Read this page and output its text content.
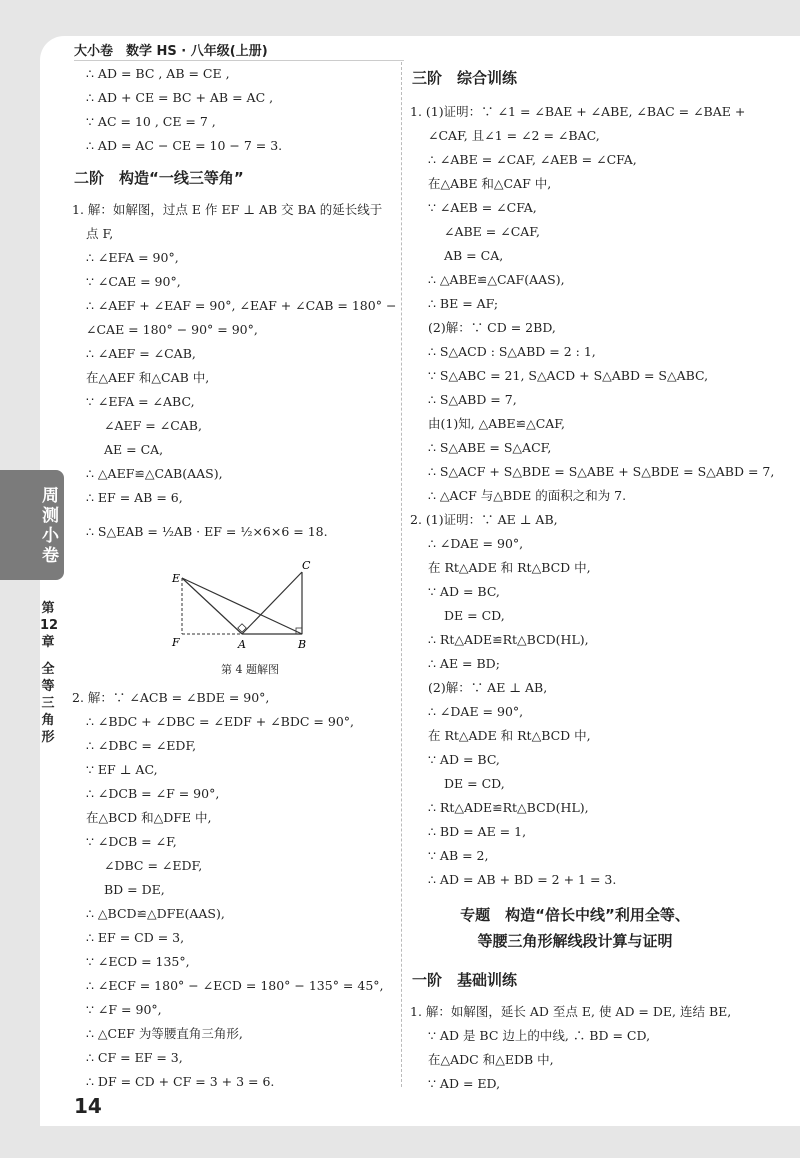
大小卷　数学 HS · 八年级(上册)
周
测
小
卷
第
12
章
全
等
三
角
形
∴ AD = BC , AB = CE ,
∴ AD + CE = BC + AB = AC ,
∵ AC = 10 , CE = 7 ,
∴ AD = AC − CE = 10 − 7 = 3.
二阶　构造“一线三等角”
1. 解：如解图，过点 E 作 EF ⊥ AB 交 BA 的延长线于
点 F,
∴ ∠EFA = 90°,
∵ ∠CAE = 90°,
∴ ∠AEF + ∠EAF = 90°, ∠EAF + ∠CAB = 180° −
∠CAE = 180° − 90° = 90°,
∴ ∠AEF = ∠CAB,
在△AEF 和△CAB 中,
∵ ∠EFA = ∠ABC,
∠AEF = ∠CAB,
AE = CA,
∴ △AEF≌△CAB(AAS),
∴ EF = AB = 6,
∴ S△EAB = ½AB · EF = ½×6×6 = 18.
2. 解：∵ ∠ACB = ∠BDE = 90°,
∴ ∠BDC + ∠DBC = ∠EDF + ∠BDC = 90°,
∴ ∠DBC = ∠EDF,
∵ EF ⊥ AC,
∴ ∠DCB = ∠F = 90°,
在△BCD 和△DFE 中,
∵ ∠DCB = ∠F,
∠DBC = ∠EDF,
BD = DE,
∴ △BCD≌△DFE(AAS),
∴ EF = CD = 3,
∵ ∠ECD = 135°,
∴ ∠ECF = 180° − ∠ECD = 180° − 135° = 45°,
∵ ∠F = 90°,
∴ △CEF 为等腰直角三角形,
∴ CF = EF = 3,
∴ DF = CD + CF = 3 + 3 = 6.
E
C
F	A	B
第 4 题解图
三阶　综合训练
1. (1)证明：∵ ∠1 = ∠BAE + ∠ABE, ∠BAC = ∠BAE +
∠CAF, 且∠1 = ∠2 = ∠BAC,
∴ ∠ABE = ∠CAF, ∠AEB = ∠CFA,
在△ABE 和△CAF 中,
∵ ∠AEB = ∠CFA,
∠ABE = ∠CAF,
AB = CA,
∴ △ABE≌△CAF(AAS),
∴ BE = AF;
(2)解：∵ CD = 2BD,
∴ S△ACD : S△ABD = 2 : 1,
∵ S△ABC = 21, S△ACD + S△ABD = S△ABC,
∴ S△ABD = 7,
由(1)知, △ABE≌△CAF,
∴ S△ABE = S△ACF,
∴ S△ACF + S△BDE = S△ABE + S△BDE = S△ABD = 7,
∴ △ACF 与△BDE 的面积之和为 7.
2. (1)证明：∵ AE ⊥ AB,
∴ ∠DAE = 90°,
在 Rt△ADE 和 Rt△BCD 中,
∵ AD = BC,
DE = CD,
∴ Rt△ADE≌Rt△BCD(HL),
∴ AE = BD;
(2)解：∵ AE ⊥ AB,
∴ ∠DAE = 90°,
在 Rt△ADE 和 Rt△BCD 中,
∵ AD = BC,
DE = CD,
∴ Rt△ADE≌Rt△BCD(HL),
∴ BD = AE = 1,
∵ AB = 2,
∴ AD = AB + BD = 2 + 1 = 3.
一阶　基础训练
1. 解：如解图，延长 AD 至点 E, 使 AD = DE, 连结 BE,
∵ AD 是 BC 边上的中线, ∴ BD = CD,
在△ADC 和△EDB 中,
∵ AD = ED,
专题　构造“倍长中线”利用全等、
等腰三角形解线段计算与证明
14
